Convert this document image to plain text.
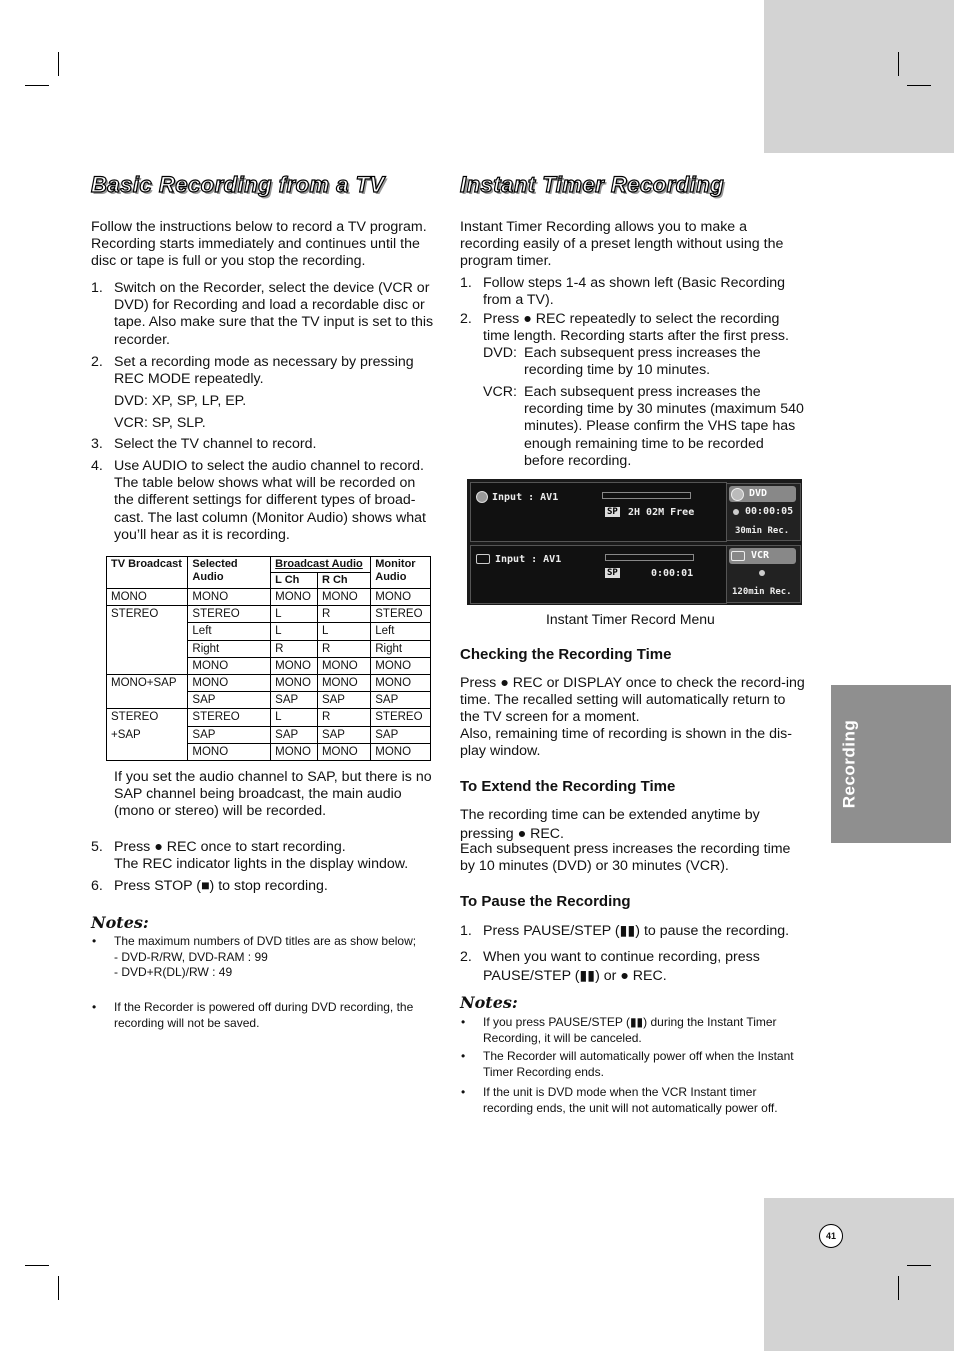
Recording
Basic Recording from a TV
Follow the instructions below to record a TV program. Recording starts immediately and continues until the disc or tape is full or you stop the recording.
1. Switch on the Recorder, select the device (VCR or DVD) for Recording and load a recordable disc or tape. Also make sure that the TV input is set to this recorder.
2. Set a recording mode as necessary by pressing REC MODE repeatedly.
DVD: XP, SP, LP, EP.
VCR: SP, SLP.
3. Select the TV channel to record.
4. Use AUDIO to select the audio channel to record. The table below shows what will be recorded on the different settings for different types of broad-cast. The last column (Monitor Audio) shows what you’ll hear as it is recording.
TV Broadcast	Selected Audio	Broadcast Audio		Monitor Audio
		L Ch	R Ch	
MONO	MONO	MONO	MONO	MONO
STEREO	STEREO	L	R	STEREO
	Left	L	L	Left
	Right	R	R	Right
	MONO	MONO	MONO	MONO
MONO+SAP	MONO	MONO	MONO	MONO
	SAP	SAP	SAP	SAP

STEREO
+SAP	STEREO	L	R	STEREO
	SAP	SAP	SAP	SAP
	MONO	MONO	MONO	MONO
If you set the audio channel to SAP, but there is no SAP channel being broadcast, the main audio (mono or stereo) will be recorded.
5. Press ● REC once to start recording.
The REC indicator lights in the display window.
6. Press STOP (■) to stop recording.
Notes:
• The maximum numbers of DVD titles are as show below;
- DVD-R/RW, DVD-RAM : 99
- DVD+R(DL)/RW : 49
• If the Recorder is powered off during DVD recording, the recording will not be saved.
Instant Timer Recording
Instant Timer Recording allows you to make a recording easily of a preset length without using the program timer.
1. Follow steps 1-4 as shown left (Basic Recording from a TV).
2. Press ● REC repeatedly to select the recording time length. Recording starts after the first press.
DVD: Each subsequent press increases the recording time by 10 minutes.
VCR: Each subsequent press increases the recording time by 30 minutes (maximum 540 minutes). Please confirm the VHS tape has enough remaining time to be recorded before recording.
Input : AV1
SP 2H 02M Free
DVD
00:00:05
30min Rec.
Input : AV1
SP	0:00:01
VCR
120min Rec.
Instant Timer Record Menu
Checking the Recording Time
Press ● REC or DISPLAY once to check the record-ing time. The recalled setting will automatically return to the TV screen for a moment.
Also, remaining time of recording is shown in the dis-play window.
To Extend the Recording Time
The recording time can be extended anytime by pressing ● REC.
Each subsequent press increases the recording time by 10 minutes (DVD) or 30 minutes (VCR).
To Pause the Recording
1. Press PAUSE/STEP (▮▮) to pause the recording.
2. When you want to continue recording, press PAUSE/STEP (▮▮) or ● REC.
Notes:
• If you press PAUSE/STEP (▮▮) during the Instant Timer Recording, it will be canceled.
• The Recorder will automatically power off when the Instant Timer Recording ends.
• If the unit is DVD mode when the VCR Instant timer recording ends, the unit will not automatically power off.
41
